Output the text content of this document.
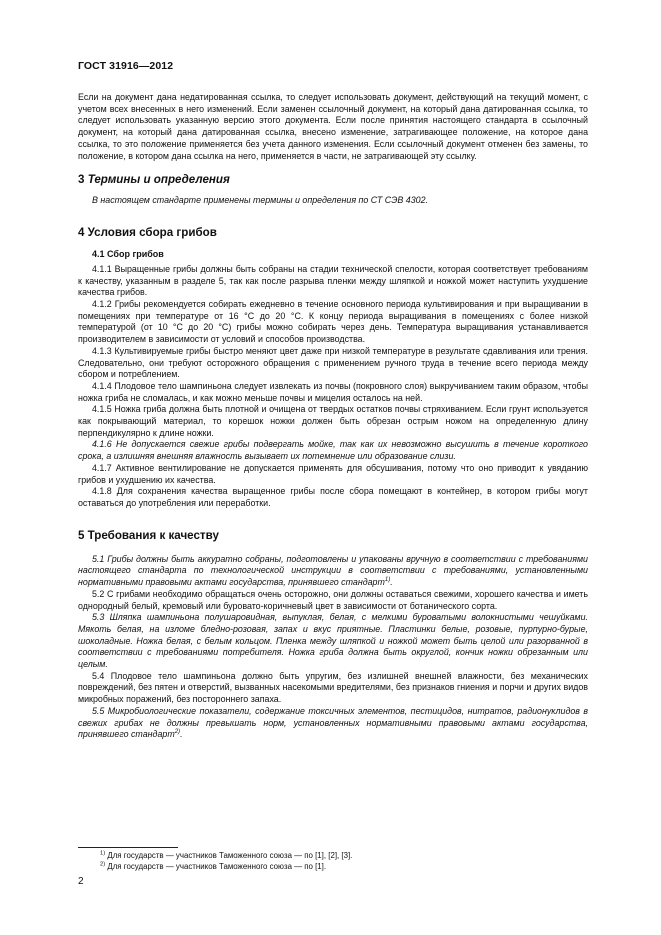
ГОСТ 31916—2012

Если на документ дана недатированная ссылка, то следует использовать документ, действующий на текущий момент, с учетом всех внесенных в него изменений. Если заменен ссылочный документ, на который дана датированная ссылка, то следует использовать указанную версию этого документа. Если после принятия настоящего стандарта в ссылочный документ, на который дана датированная ссылка, внесено изменение, затрагивающее положение, на которое дана ссылка, то это положение применяется без учета данного изменения. Если ссылочный документ отменен без замены, то положение, в котором дана ссылка на него, применяется в части, не затрагивающей эту ссылку.

3 Термины и определения

В настоящем стандарте применены термины и определения по СТ СЭВ 4302.

4 Условия сбора грибов
4.1 Сбор грибов

4.1.1 Выращенные грибы должны быть собраны на стадии технической спелости, которая соответствует требованиям к качеству, указанным в разделе 5, так как после разрыва пленки между шляпкой и ножкой может наступить ухудшение качества грибов.

4.1.2 Грибы рекомендуется собирать ежедневно в течение основного периода культивирования и при выращивании в помещениях при температуре от 16 °С до 20 °С. К концу периода выращивания в помещениях с более низкой температурой (от 10 °С до 20 °С) грибы можно собирать через день. Температура выращивания устанавливается производителем в зависимости от условий и способов производства.

4.1.3 Культивируемые грибы быстро меняют цвет даже при низкой температуре в результате сдавливания или трения. Следовательно, они требуют осторожного обращения с применением ручного труда в течение всего периода между сбором и потреблением.

4.1.4 Плодовое тело шампиньона следует извлекать из почвы (покровного слоя) выкручиванием таким образом, чтобы ножка гриба не сломалась, и как можно меньше почвы и мицелия осталось на ней.

4.1.5 Ножка гриба должна быть плотной и очищена от твердых остатков почвы стряхиванием. Если грунт используется как покрывающий материал, то корешок ножки должен быть обрезан острым ножом на определенную длину перпендикулярно к длине ножки.

4.1.6 Не допускается свежие грибы подвергать мойке, так как их невозможно высушить в течение короткого срока, а излишняя внешняя влажность вызывает их потемнение или образование слизи.

4.1.7 Активное вентилирование не допускается применять для обсушивания, потому что оно приводит к увяданию грибов и ухудшению их качества.

4.1.8 Для сохранения качества выращенное грибы после сбора помещают в контейнер, в котором грибы могут оставаться до употребления или переработки.

5 Требования к качеству

5.1 Грибы должны быть аккуратно собраны, подготовлены и упакованы вручную в соответствии с требованиями настоящего стандарта по технологической инструкции в соответствии с требованиями, установленными нормативными правовыми актами государства, принявшего стандарт$^{1)}$.

5.2 С грибами необходимо обращаться очень осторожно, они должны оставаться свежими, хорошего качества и иметь однородный белый, кремовый или буровато-коричневый цвет в зависимости от ботанического сорта.

5.3 Шляпка шампиньона полушаровидная, выпуклая, белая, с мелкими буроватыми волокнистыми чешуйками. Мякоть белая, на изломе бледно-розовая, запах и вкус приятные. Пластинки белые, розовые, пурпурно-бурые, шоколадные. Ножка белая, с белым кольцом. Пленка между шляпкой и ножкой может быть целой или разорванной в соответствии с требованиями потребителя. Ножка гриба должна быть округлой, кончик ножки обрезанным или целым.

5.4 Плодовое тело шампиньона должно быть упругим, без излишней внешней влажности, без механических повреждений, без пятен и отверстий, вызванных насекомыми вредителями, без признаков гниения и порчи и других видов микробных поражений, без постороннего запаха.

5.5 Микробиологические показатели, содержание токсичных элементов, пестицидов, нитратов, радионуклидов в свежих грибах не должны превышать норм, установленных нормативными правовыми актами государства, принявшего стандарт$^{2)}$.

$^{1)}$ Для государств — участников Таможенного союза — по [1], [2], [3].
$^{2)}$ Для государств — участников Таможенного союза — по [1].
2
